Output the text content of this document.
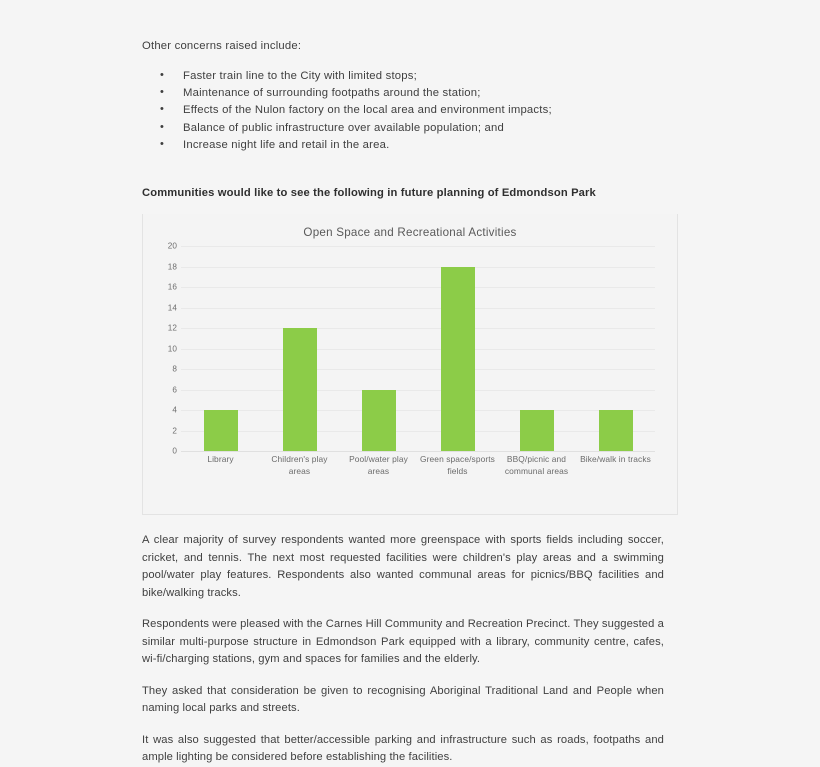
Other concerns raised include:

• Faster train line to the City with limited stops;
• Maintenance of surrounding footpaths around the station;
• Effects of the Nulon factory on the local area and environment impacts;
• Balance of public infrastructure over available population; and
• Increase night life and retail in the area.
Communities would like to see the following in future planning of Edmondson Park

Open Space and Recreational Activities

20
18
16
14
12
10
8
6
4
2
0
Library	Children's play areas
Pool/water play areas
Green space/sports fields
BBQ/picnic and communal areas
Bike/walk in tracks

A clear majority of survey respondents wanted more greenspace with sports fields including soccer, cricket, and tennis. The next most requested facilities were children's play areas and a swimming pool/water play features. Respondents also wanted communal areas for picnics/BBQ facilities and bike/walking tracks.

Respondents were pleased with the Carnes Hill Community and Recreation Precinct. They suggested a similar multi-purpose structure in Edmondson Park equipped with a library, community centre, cafes, wi-fi/charging stations, gym and spaces for families and the elderly.

They asked that consideration be given to recognising Aboriginal Traditional Land and People when naming local parks and streets.

It was also suggested that better/accessible parking and infrastructure such as roads, footpaths and ample lighting be considered before establishing the facilities.
